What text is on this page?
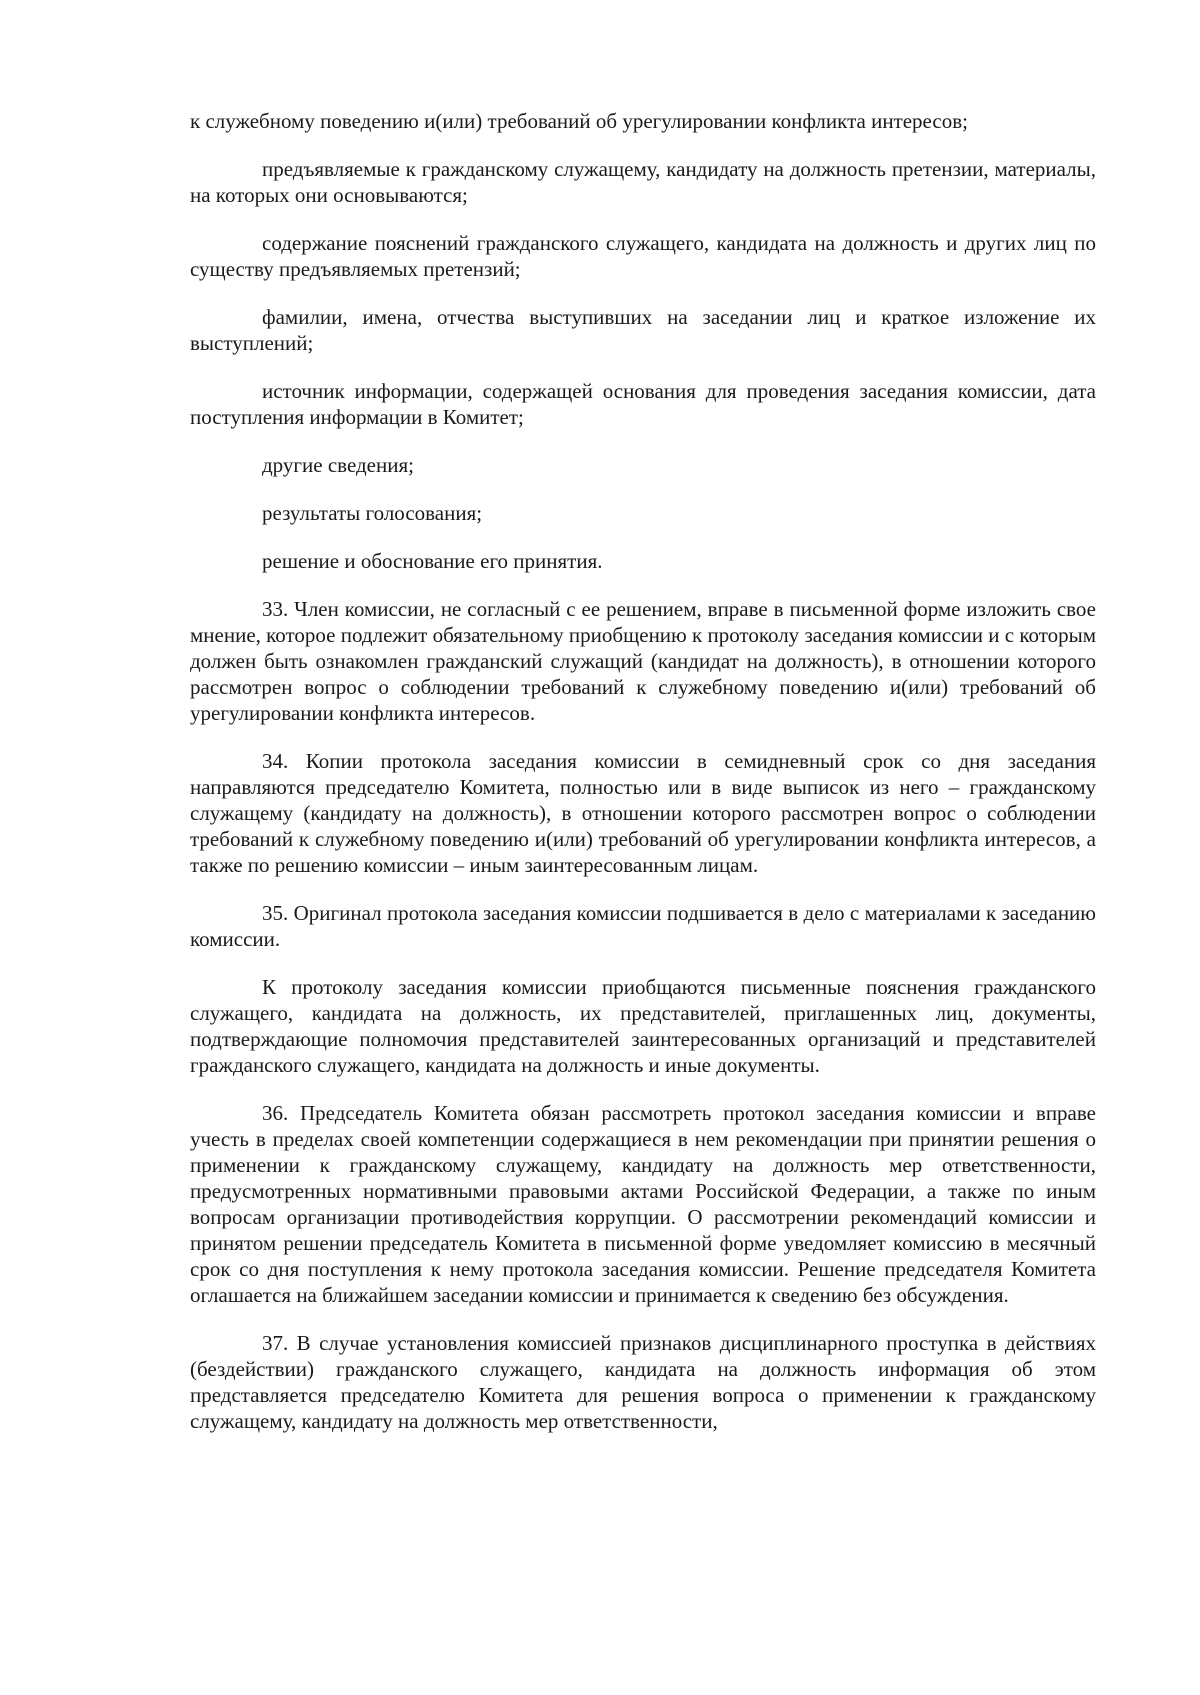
к служебному поведению и(или) требований об урегулировании конфликта интересов;

предъявляемые к гражданскому служащему, кандидату на должность претензии, материалы, на которых они основываются;

содержание пояснений гражданского служащего, кандидата на должность и других лиц по существу предъявляемых претензий;

фамилии, имена, отчества выступивших на заседании лиц и краткое изложение их выступлений;

источник информации, содержащей основания для проведения заседания комиссии, дата поступления информации в Комитет;

другие сведения;

результаты голосования;

решение и обоснование его принятия.

33. Член комиссии, не согласный с ее решением, вправе в письменной форме изложить свое мнение, которое подлежит обязательному приобщению к протоколу заседания комиссии и с которым должен быть ознакомлен гражданский служащий (кандидат на должность), в отношении которого рассмотрен вопрос о соблюдении требований к служебному поведению и(или) требований об урегулировании конфликта интересов.

34. Копии протокола заседания комиссии в семидневный срок со дня заседания направляются председателю Комитета, полностью или в виде выписок из него – гражданскому служащему (кандидату на должность), в отношении которого рассмотрен вопрос о соблюдении требований к служебному поведению и(или) требований об урегулировании конфликта интересов, а также по решению комиссии – иным заинтересованным лицам.

35. Оригинал протокола заседания комиссии подшивается в дело с материалами к заседанию комиссии.

К протоколу заседания комиссии приобщаются письменные пояснения гражданского служащего, кандидата на должность, их представителей, приглашенных лиц, документы, подтверждающие полномочия представителей заинтересованных организаций и представителей гражданского служащего, кандидата на должность и иные документы.

36. Председатель Комитета обязан рассмотреть протокол заседания комиссии и вправе учесть в пределах своей компетенции содержащиеся в нем рекомендации при принятии решения о применении к гражданскому служащему, кандидату на должность мер ответственности, предусмотренных нормативными правовыми актами Российской Федерации, а также по иным вопросам организации противодействия коррупции. О рассмотрении рекомендаций комиссии и принятом решении председатель Комитета в письменной форме уведомляет комиссию в месячный срок со дня поступления к нему протокола заседания комиссии. Решение председателя Комитета оглашается на ближайшем заседании комиссии и принимается к сведению без обсуждения.

37. В случае установления комиссией признаков дисциплинарного проступка в действиях (бездействии) гражданского служащего, кандидата на должность информация об этом представляется председателю Комитета для решения вопроса о применении к гражданскому служащему, кандидату на должность мер ответственности,
